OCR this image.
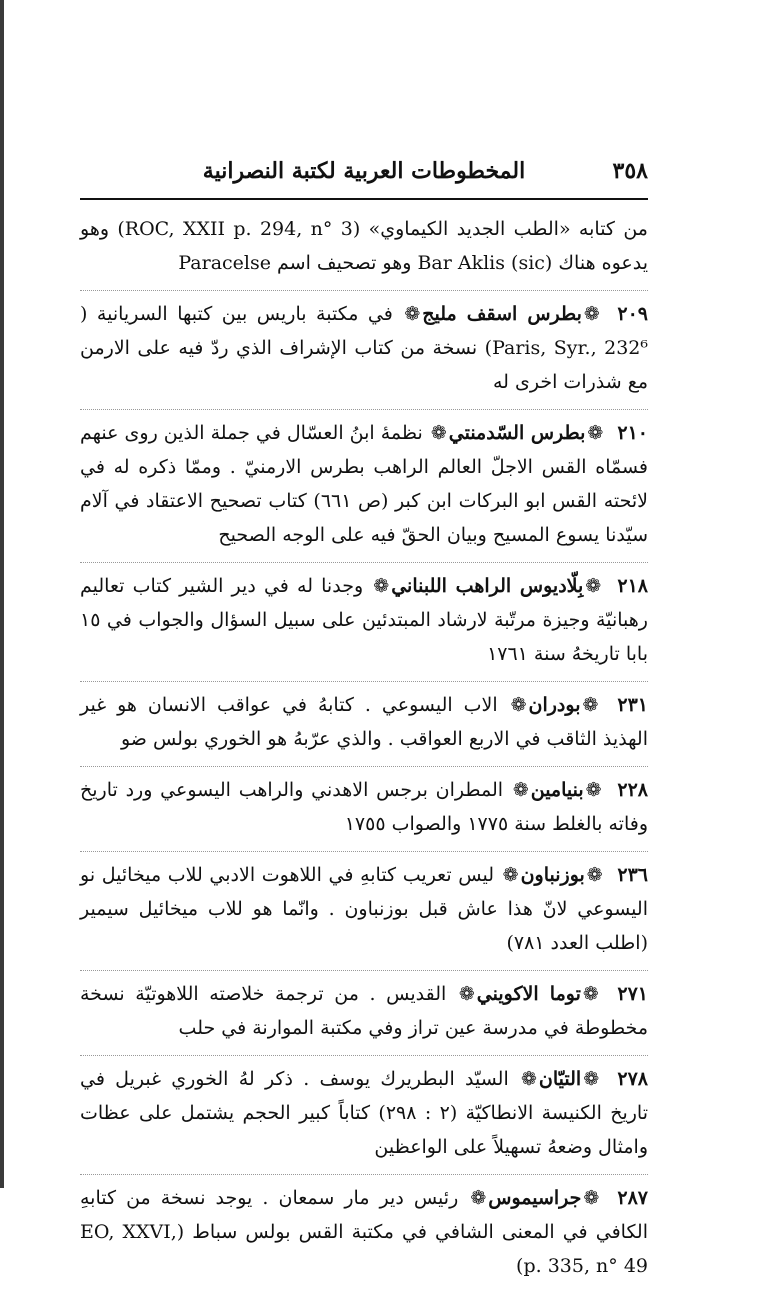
٣٥٨
المخطوطات العربية لكتبة النصرانية

من كتابه «الطب الجديد الكيماوي» (ROC, XXII p. 294, n° 3) وهو يدعوه هناك Bar Aklis (sic) وهو تصحيف اسم Paracelse

٢٠٩ ❁بطرس اسقف مليج❁ في مكتبة باريس بين كتبها السريانية ( Paris, Syr., 232⁶) نسخة من كتاب الإشراف الذي ردّ فيه على الارمن مع شذرات اخرى له

٢١٠ ❁بطرس السّدمنتي❁ نظمهٔ ابنُ العسّال في جملة الذين روى عنهم فسمّاه القس الاجلّ العالم الراهب بطرس الارمنيّ . وممّا ذكره له في لائحته القس ابو البركات ابن كبر (ص ٦٦١) كتاب تصحيح الاعتقاد في آلام سيّدنا يسوع المسيح وبيان الحقّ فيه على الوجه الصحيح

٢١٨ ❁بِلّاديوس الراهب اللبناني❁ وجدنا له في دير الشير كتاب تعاليم رهبانيّة وجيزة مرتّبة لارشاد المبتدئين على سبيل السؤال والجواب في ١٥ بابا تاريخهُ سنة ١٧٦١

٢٣١ ❁بودران❁ الاب اليسوعي . كتابهُ في عواقب الانسان هو غير الهذيذ الثاقب في الاربع العواقب . والذي عرّبهُ هو الخوري بولس ضو

٢٢٨ ❁بنيامين❁ المطران برجس الاهدني والراهب اليسوعي ورد تاريخ وفاته بالغلط سنة ١٧٧٥ والصواب ١٧٥٥

٢٣٦ ❁بوزنباون❁ ليس تعريب كتابهِ في اللاهوت الادبي للاب ميخائيل نو اليسوعي لانّ هذا عاش قبل بوزنباون . وانّما هو للاب ميخائيل سيمير (اطلب العدد ٧٨١)

٢٧١ ❁توما الاكويني❁ القديس . من ترجمة خلاصته اللاهوتيّة نسخة مخطوطة في مدرسة عين تراز وفي مكتبة الموارنة في حلب

٢٧٨ ❁التيّان❁ السيّد البطريرك يوسف . ذكر لهُ الخوري غبريل في تاريخ الكنيسة الانطاكيّة (٢ : ٢٩٨) كتاباً كبير الحجم يشتمل على عظات وامثال وضعهُ تسهيلاً على الواعظين

٢٨٧ ❁جراسيموس❁ رئيس دير مار سمعان . يوجد نسخة من كتابهِ الكافي في المعنى الشافي في مكتبة القس بولس سباط (EO, XXVI, p. 335, n° 49)
